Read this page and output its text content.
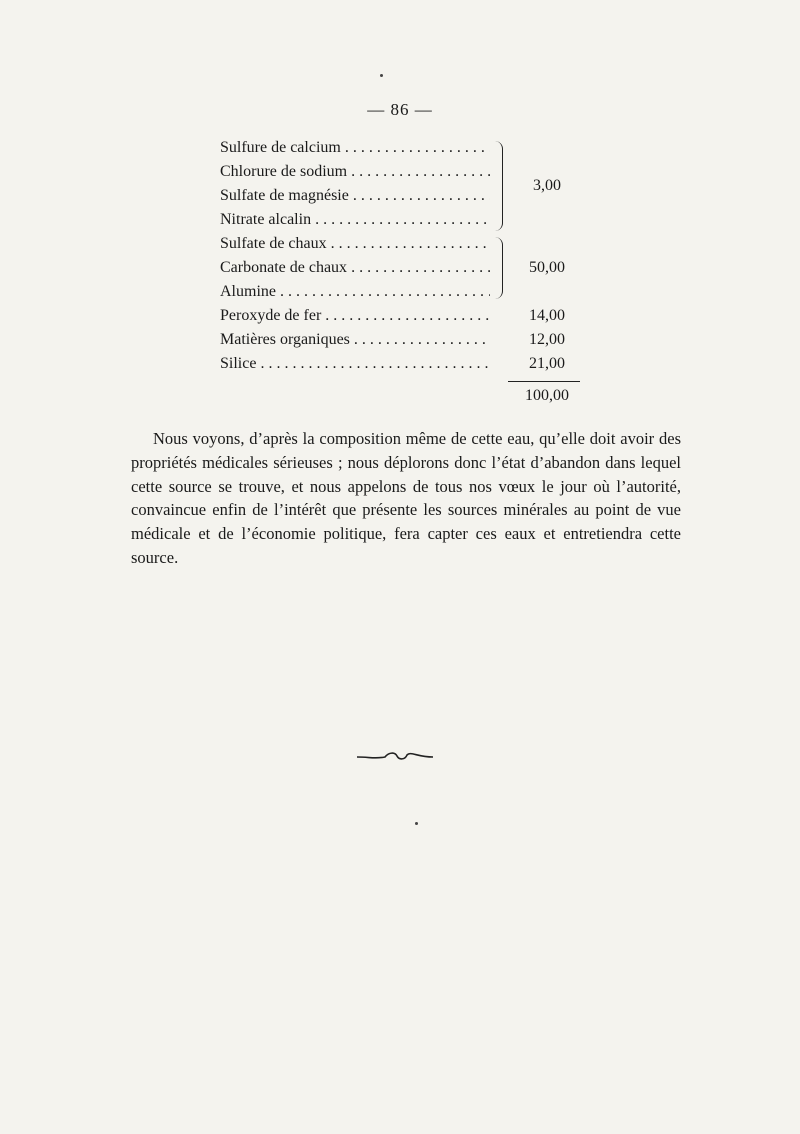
— 86 —
Sulfure de calcium . . .
Chlorure de sodium . . .
Sulfate de magnésie . . .
Nitrate alcalin . . .
Sulfate de chaux . . .
Carbonate de chaux . . .
Alumine . . .
Peroxyde de fer . . .
Matières organiques . . .
Silice . . .
3,00
50,00
14,00
12,00
21,00
100,00
Nous voyons, d’après la composition même de cette eau, qu’elle doit avoir des propriétés médicales sérieuses ; nous déplorons donc l’état d’abandon dans lequel cette source se trouve, et nous appelons de tous nos vœux le jour où l’autorité, convaincue enfin de l’intérêt que présente les sources minérales au point de vue médicale et de l’économie politique, fera capter ces eaux et entretiendra cette source.
